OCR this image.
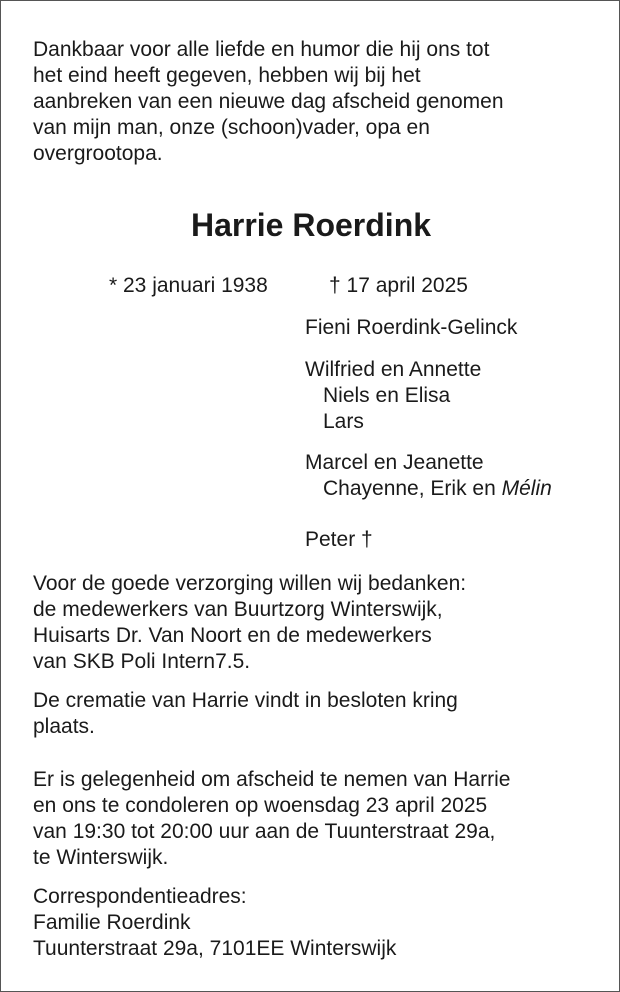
Dankbaar voor alle liefde en humor die hij ons tot

het eind heeft gegeven, hebben wij bij het

aanbreken van een nieuwe dag afscheid genomen

van mijn man, onze (schoon)vader, opa en

overgrootopa.

Harrie Roerdink
* 23 januari 1938	† 17 april 2025

Fieni Roerdink-Gelinck

Wilfried en Annette

Niels en Elisa

Lars

Marcel en Jeanette

Chayenne, Erik en Mélin

Peter †

Voor de goede verzorging willen wij bedanken:

de medewerkers van Buurtzorg Winterswijk,

Huisarts Dr. Van Noort en de medewerkers

van SKB Poli Intern7.5.

De crematie van Harrie vindt in besloten kring

plaats.

Er is gelegenheid om afscheid te nemen van Harrie

en ons te condoleren op woensdag 23 april 2025

van 19:30 tot 20:00 uur aan de Tuunterstraat 29a,

te Winterswijk.

Correspondentieadres:

Familie Roerdink

Tuunterstraat 29a, 7101EE Winterswijk
